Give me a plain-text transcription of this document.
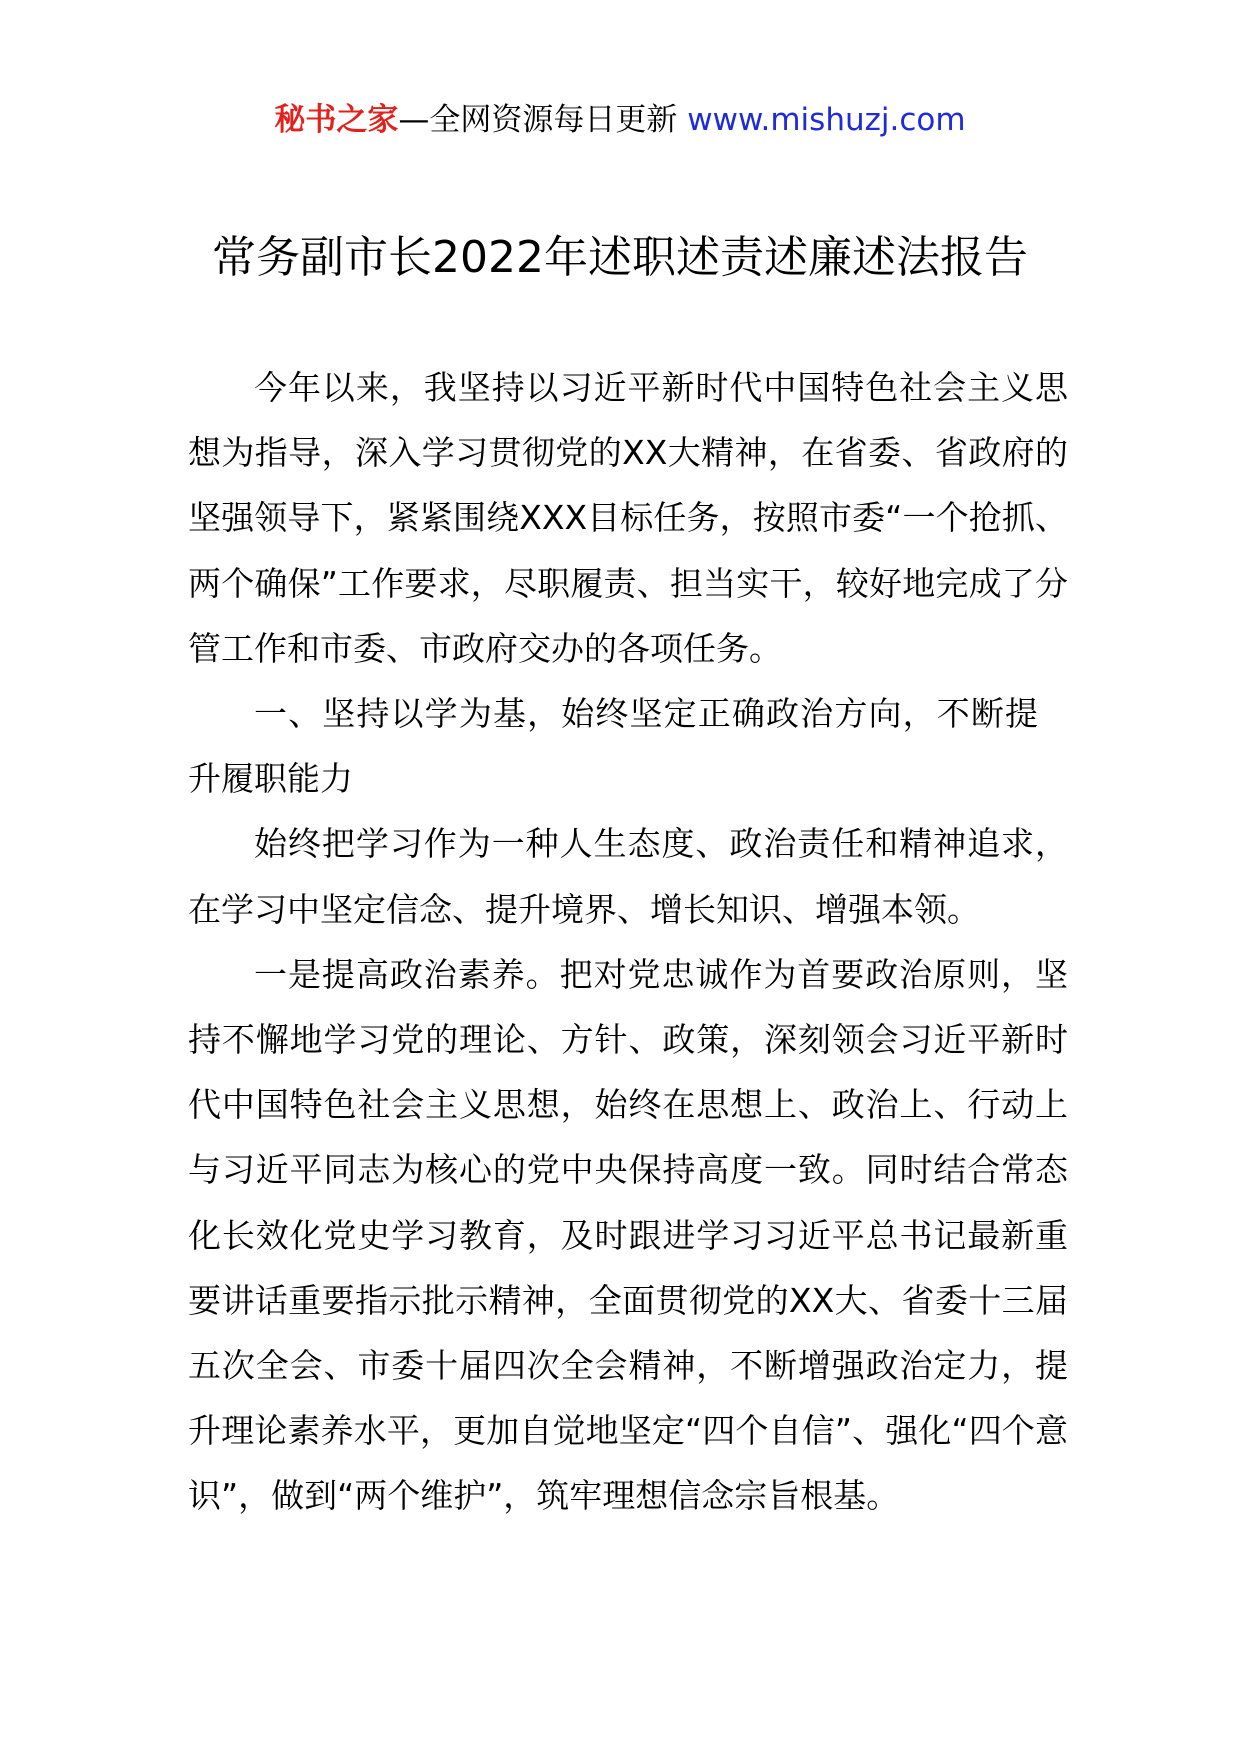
秘书之家—全网资源每日更新 www.mishuzj.com
常务副市长2022年述职述责述廉述法报告

今年以来，我坚持以习近平新时代中国特色社会主义思想为指导，深入学习贯彻党的XX大精神，在省委、省政府的坚强领导下，紧紧围绕XXX目标任务，按照市委“一个抢抓、两个确保”工作要求，尽职履责、担当实干，较好地完成了分管工作和市委、市政府交办的各项任务。

一、坚持以学为基，始终坚定正确政治方向，不断提升履职能力

始终把学习作为一种人生态度、政治责任和精神追求，在学习中坚定信念、提升境界、增长知识、增强本领。

一是提高政治素养。把对党忠诚作为首要政治原则，坚持不懈地学习党的理论、方针、政策，深刻领会习近平新时代中国特色社会主义思想，始终在思想上、政治上、行动上与习近平同志为核心的党中央保持高度一致。同时结合常态化长效化党史学习教育，及时跟进学习习近平总书记最新重要讲话重要指示批示精神，全面贯彻党的XX大、省委十三届五次全会、市委十届四次全会精神，不断增强政治定力，提升理论素养水平，更加自觉地坚定“四个自信”、强化“四个意识”，做到“两个维护”，筑牢理想信念宗旨根基。
